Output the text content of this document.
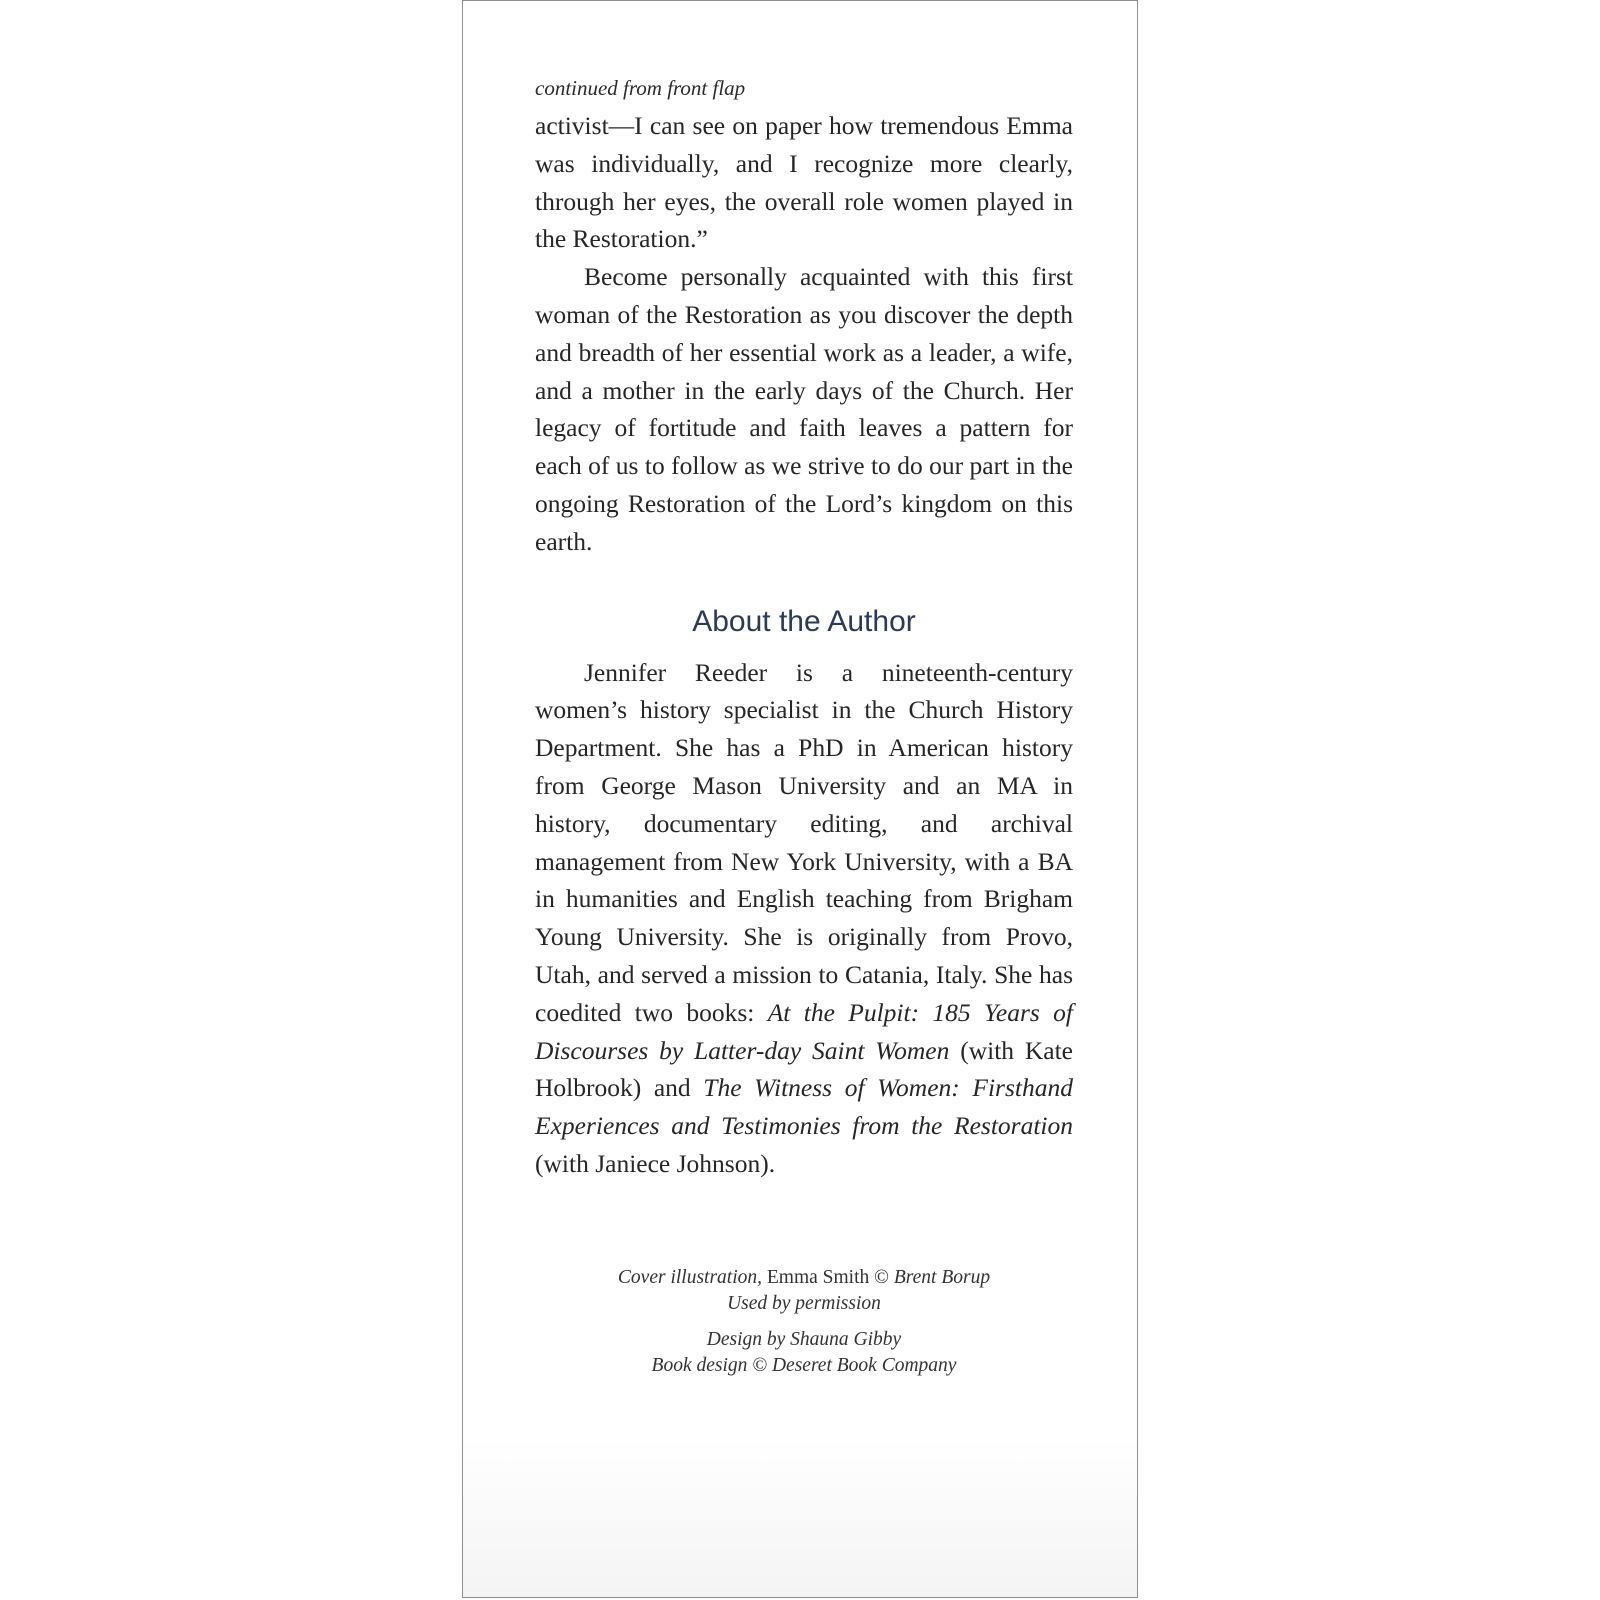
continued from front flap

activist—I can see on paper how tremendous Emma was individually, and I recognize more clearly, through her eyes, the overall role women played in the Restoration.”

Become personally acquainted with this first woman of the Restoration as you discover the depth and breadth of her essential work as a leader, a wife, and a mother in the early days of the Church. Her legacy of fortitude and faith leaves a pattern for each of us to follow as we strive to do our part in the ongoing Restoration of the Lord’s kingdom on this earth.

About the Author

Jennifer Reeder is a nineteenth-century women’s history specialist in the Church History Department. She has a PhD in American history from George Mason University and an MA in history, documentary editing, and archival management from New York University, with a BA in humanities and English teaching from Brigham Young University. She is originally from Provo, Utah, and served a mission to Catania, Italy. She has coedited two books: At the Pulpit: 185 Years of Discourses by Latter-day Saint Women (with Kate Holbrook) and The Witness of Women: Firsthand Experiences and Testimonies from the Restoration (with Janiece Johnson).

Cover illustration, Emma Smith © Brent Borup
Used by permission
Design by Shauna Gibby
Book design © Deseret Book Company
